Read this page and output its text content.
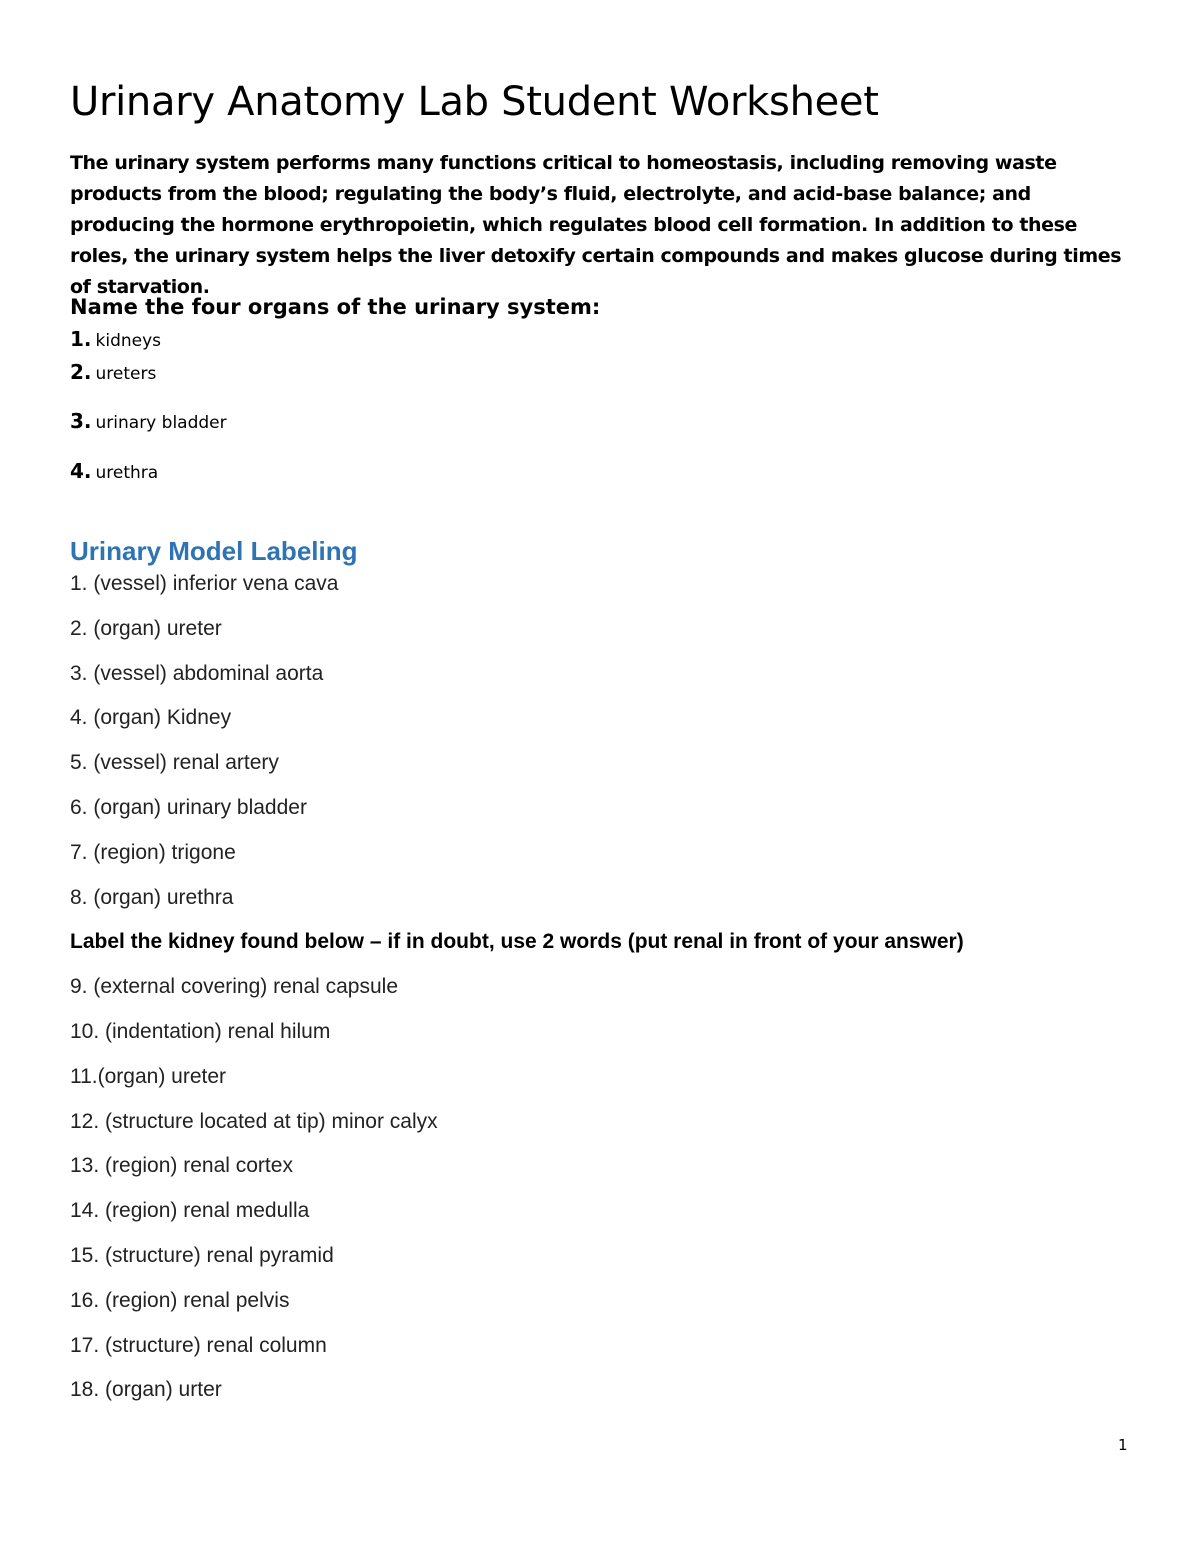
Urinary Anatomy Lab Student Worksheet

The urinary system performs many functions critical to homeostasis, including removing waste products from the blood; regulating the body’s fluid, electrolyte, and acid-base balance; and producing the hormone erythropoietin, which regulates blood cell formation. In addition to these roles, the urinary system helps the liver detoxify certain compounds and makes glucose during times of starvation.

Name the four organs of the urinary system:
1. kidneys
2. ureters
3. urinary bladder
4. urethra
Urinary Model Labeling

1. (vessel) inferior vena cava

2. (organ) ureter

3. (vessel) abdominal aorta

4. (organ) Kidney

5. (vessel) renal artery

6. (organ) urinary bladder

7. (region) trigone

8. (organ) urethra

Label the kidney found below – if in doubt, use 2 words (put renal in front of your answer)

9. (external covering) renal capsule

10. (indentation) renal hilum

11.(organ) ureter

12. (structure located at tip) minor calyx

13. (region) renal cortex

14. (region) renal medulla

15. (structure) renal pyramid

16. (region) renal pelvis

17. (structure) renal column

18. (organ) urter

1
